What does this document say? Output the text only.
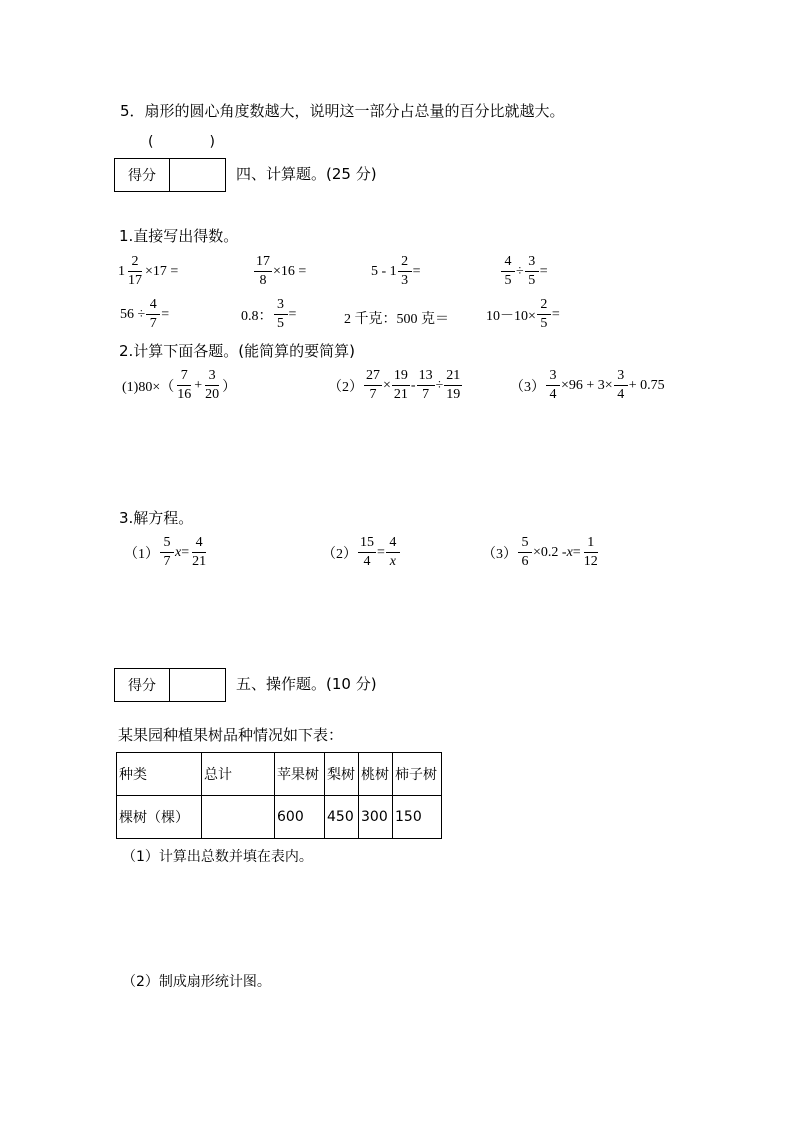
5．扇形的圆心角度数越大，说明这一部分占总量的百分比就越大。
(　　　　)
得分	四、计算题。(25 分)
1.直接写出得数。
$1 \frac{2}{17} \times 17$ =	$\frac{17}{8} \times 16$ =	$5 - 1 \frac{2}{3}$ =	$\frac{4}{5} \div \frac{3}{5}$ =
$56 \div \frac{4}{7}$ =	0.8： $\frac{3}{5}$ =	2 千克：500 克＝	$10-10\times \frac{2}{5}$ =
2.计算下面各题。(能简算的要简算)
$(1)80\times( \frac{7}{16} + \frac{3}{20}$ ）	$(2) \frac{27}{7} \times \frac{19}{21} - \frac{13}{7} \div \frac{21}{19}$	$(3) \frac{3}{4} \times 96 + 3\times \frac{3}{4} + 0.75$
3.解方程。
$(1) \frac{5}{7}$ $x = \frac{4}{21}$	$(2) \frac{15}{4} = \frac{4}{x}$	$(3) \frac{5}{6} \times 0.2 - x = \frac{1}{12}$
得分	五、操作题。(10 分)
某果园种植果树品种情况如下表：
种类	总计	苹果树	梨树	桃树	柿子树
棵树（棵）		600	450	300	150
（1）计算出总数并填在表内。
（2）制成扇形统计图。
